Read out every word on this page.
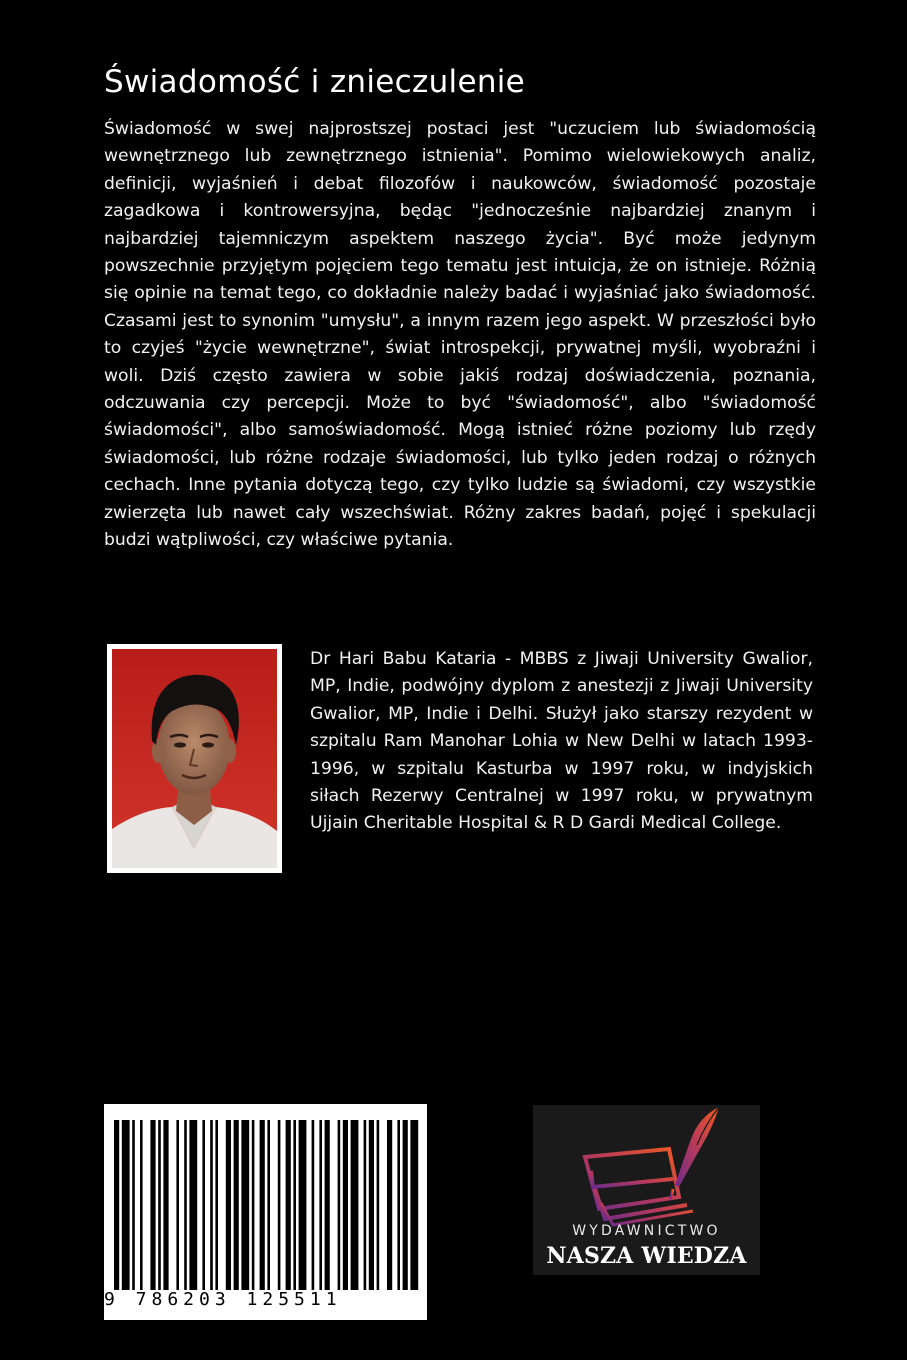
Świadomość i znieczulenie

Świadomość w swej najprostszej postaci jest "uczuciem lub świadomością wewnętrznego lub zewnętrznego istnienia". Pomimo wielowiekowych analiz, definicji, wyjaśnień i debat filozofów i naukowców, świadomość pozostaje zagadkowa i kontrowersyjna, będąc "jednocześnie najbardziej znanym i najbardziej tajemniczym aspektem naszego życia". Być może jedynym powszechnie przyjętym pojęciem tego tematu jest intuicja, że on istnieje. Różnią się opinie na temat tego, co dokładnie należy badać i wyjaśniać jako świadomość. Czasami jest to synonim "umysłu", a innym razem jego aspekt. W przeszłości było to czyjeś "życie wewnętrzne", świat introspekcji, prywatnej myśli, wyobraźni i woli. Dziś często zawiera w sobie jakiś rodzaj doświadczenia, poznania, odczuwania czy percepcji. Może to być "świadomość", albo "świadomość świadomości", albo samoświadomość. Mogą istnieć różne poziomy lub rzędy świadomości, lub różne rodzaje świadomości, lub tylko jeden rodzaj o różnych cechach. Inne pytania dotyczą tego, czy tylko ludzie są świadomi, czy wszystkie zwierzęta lub nawet cały wszechświat. Różny zakres badań, pojęć i spekulacji budzi wątpliwości, czy właściwe pytania.

Dr Hari Babu Kataria - MBBS z Jiwaji University Gwalior, MP, Indie, podwójny dyplom z anestezji z Jiwaji University Gwalior, MP, Indie i Delhi. Służył jako starszy rezydent w szpitalu Ram Manohar Lohia w New Delhi w latach 1993-1996, w szpitalu Kasturba w 1997 roku, w indyjskich siłach Rezerwy Centralnej w 1997 roku, w prywatnym Ujjain Cheritable Hospital & R D Gardi Medical College.

9 786203 125511
WYDAWNICTWO
NASZA WIEDZA
